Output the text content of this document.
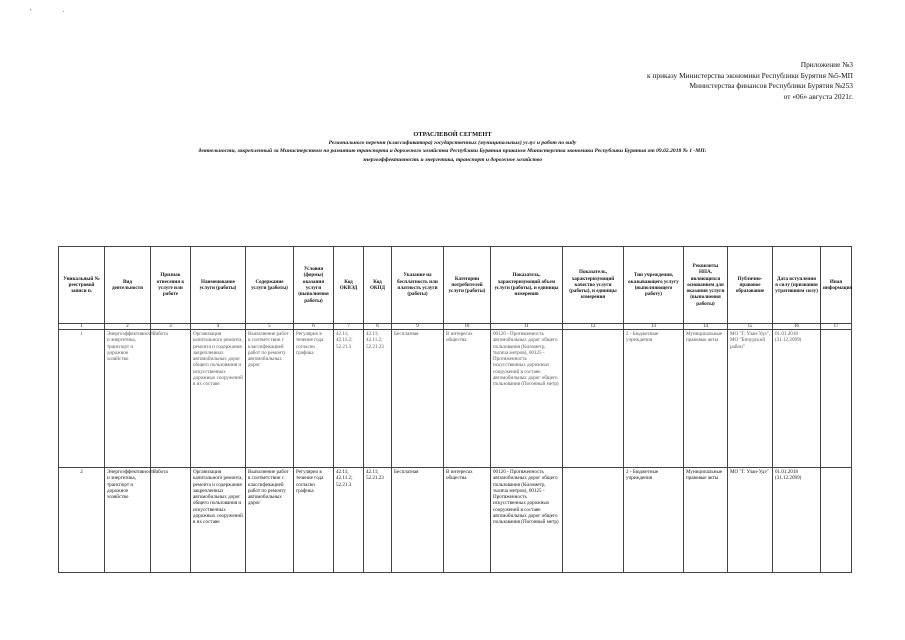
'	·
Приложение №3
к приказу Министерства экономики Республики Бурятия №5-МП
Министерства финансов Республики Бурятия №253
от «06» августа 2021г.
ОТРАСЛЕВОЙ СЕГМЕНТ
Регионального перечня (классификатора) государственных (муниципальных) услуг и работ по виду
деятельности, закрепленный за Министерством по развитию транспорта и дорожного хозяйства Республики Бурятия приказом Министерства экономики Республики Бурятия от 09.02.2018 № 1 -МП:
энергоэффективность и энергетика, транспорт и дорожное хозяйство
Уникальный № реестровой записи п.	Вид деятельности	Признак отнесения к услуге или работе	Наименование услуги (работы)	Содержание услуги (работы)	Условия (формы) оказания услуги (выполнения работы)	Код ОКВЭД	Код ОКПД	Указание на бесплатность или платность услуги (работы)	Категории потребителей услуги (работы)	Показатель, характеризующий объем услуги (работы), и единицы измерения	Показатель, характеризующий качество услуги (работы), и единицы измерения	Тип учреждения, оказывающего услугу (выполняющего работу)	Реквизиты НПА, являющихся основанием для оказания услуги (выполнения работы)	Публично-правовое образование	Дата вступления в силу (признания утратившим силу)	Иная информация
1	2	3	4	5	6	7	8	9	10	11	12	13	14	15	16	17
1	Энергоэффективность и энергетика, транспорт и дорожное хозяйство	Работа	Организация капитального ремонта, ремонта и содержания закрепленных автомобильных дорог общего пользования и искусственных дорожных сооружений в их составе	Выполнение работ в соответствии с классификацией работ по ремонту автомобильных дорог	Регулярно в течение года согласно графика	42.11; 42.11.2; 52.21.3	42.11; 42.11.2; 52.21.23	Бесплатная	В интересах общества	00126 - Протяженность автомобильных дорог общего пользования (Километр, тысяча метров), 00125 - Протяженность искусственных дорожных сооружений в составе автомобильных дорог общего пользования (Погонный метр)		2 - Бюджетные учреждения	Муниципальные правовые акты	МО "Г. Улан-Удэ", МО "Бичурский район"	01.01.2018 (31.12.2099)	
2	Энергоэффективность и энергетика, транспорт и дорожное хозяйство	Работа	Организация капитального ремонта, ремонта и содержания закрепленных автомобильных дорог общего пользования и искусственных дорожных сооружений в их составе	Выполнение работ в соответствии с классификацией работ по ремонту автомобильных дорог	Регулярно в течение года согласно графика	42.11; 42.11.2; 52.21.3	42.11; 52.21.23	Бесплатная	В интересах общества	00126 - Протяженность автомобильных дорог общего пользования (Километр, тысяча метров), 00125 - Протяженность искусственных дорожных сооружений в составе автомобильных дорог общего пользования (Погонный метр)		2 - Бюджетные учреждения	Муниципальные правовые акты	МО "Г. Улан-Удэ"	01.01.2018 (31.12.2099)	
